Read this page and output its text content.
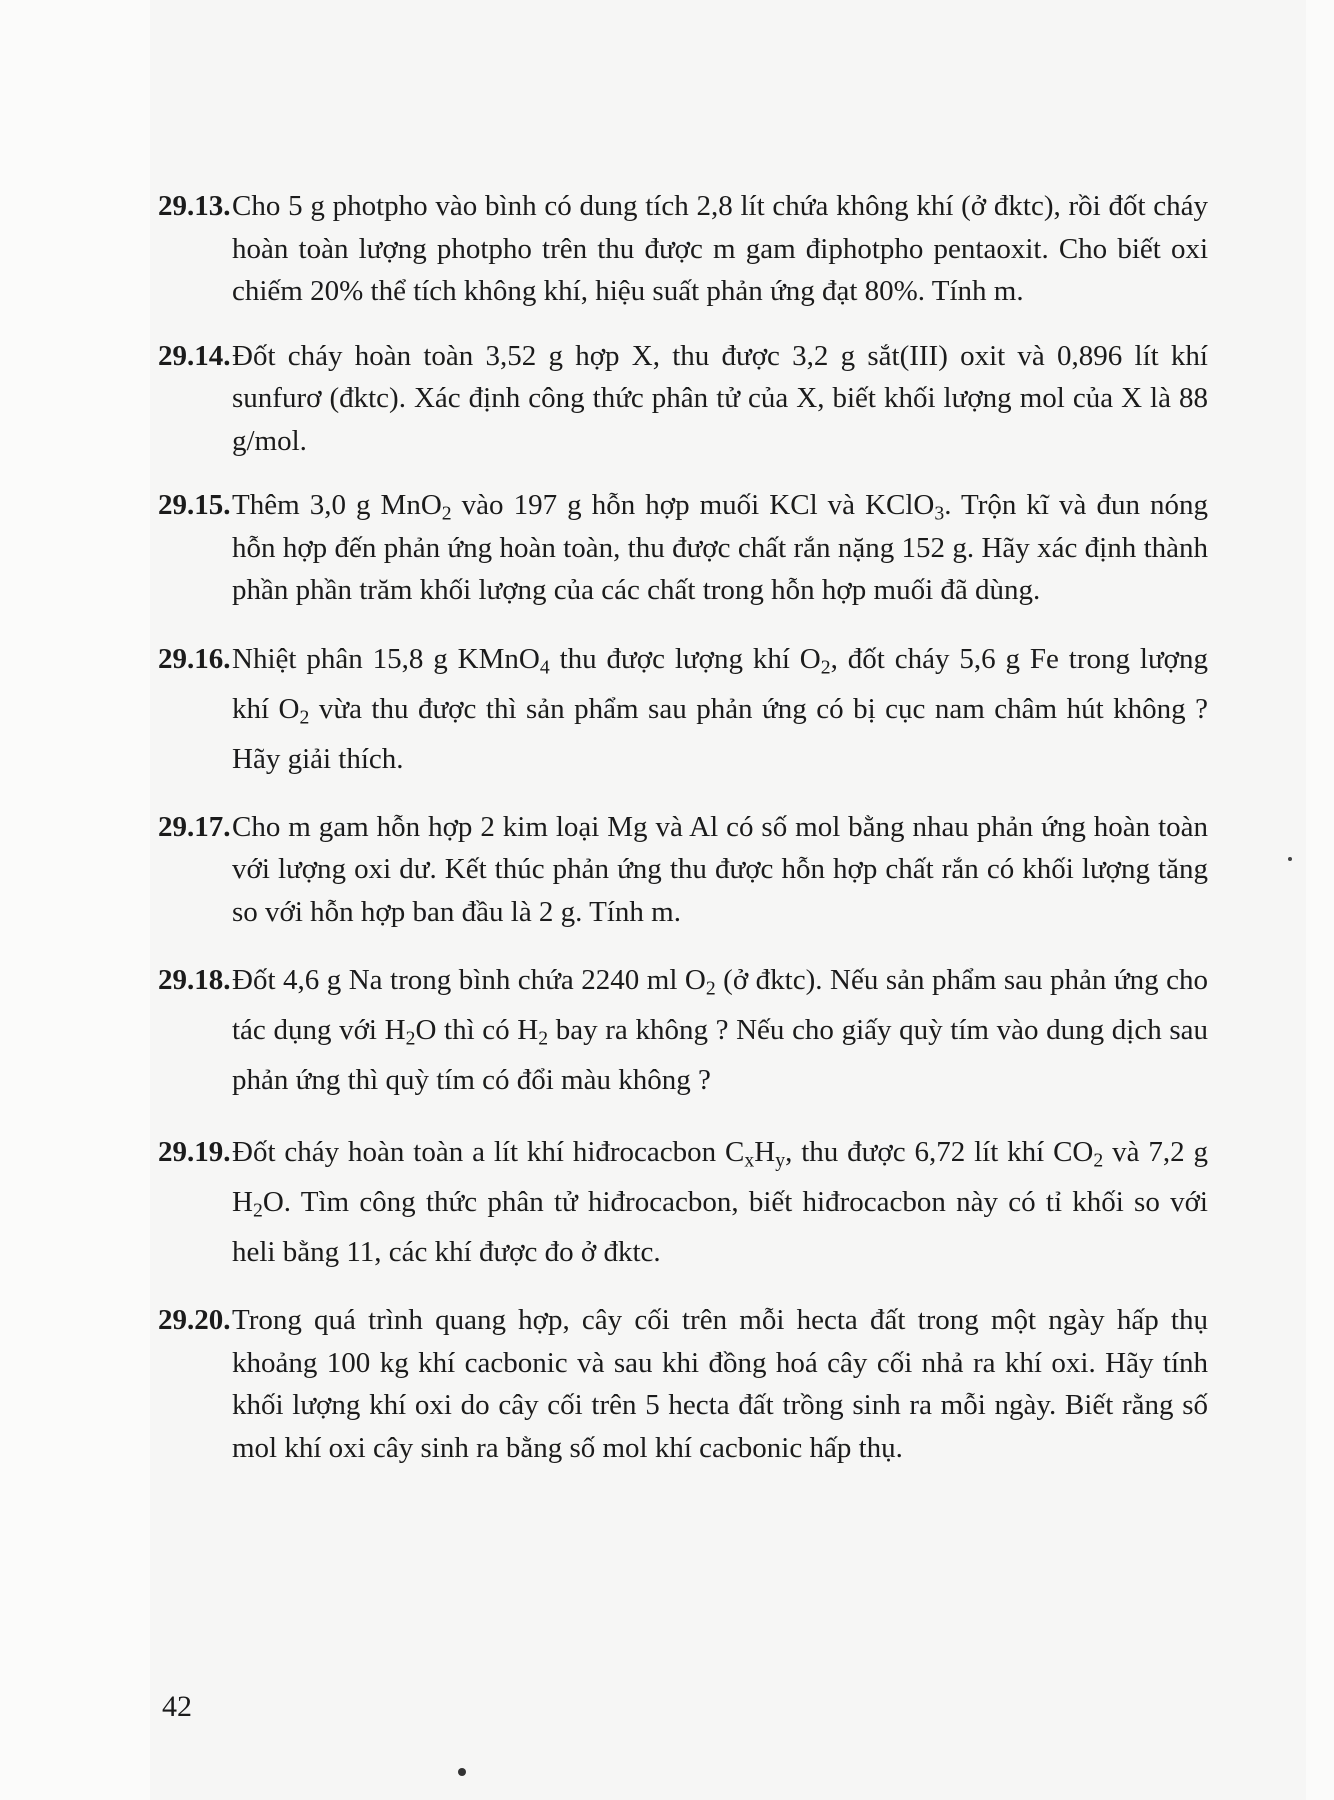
29.13. Cho 5 g photpho vào bình có dung tích 2,8 lít chứa không khí (ở đktc), rồi đốt cháy hoàn toàn lượng photpho trên thu được m gam điphotpho pentaoxit. Cho biết oxi chiếm 20% thể tích không khí, hiệu suất phản ứng đạt 80%. Tính m.
29.14. Đốt cháy hoàn toàn 3,52 g hợp X, thu được 3,2 g sắt(III) oxit và 0,896 lít khí sunfurơ (đktc). Xác định công thức phân tử của X, biết khối lượng mol của X là 88 g/mol.
29.15. Thêm 3,0 g MnO$_2$ vào 197 g hỗn hợp muối KCl và KClO$_3$. Trộn kĩ và đun nóng hỗn hợp đến phản ứng hoàn toàn, thu được chất rắn nặng 152 g. Hãy xác định thành phần phần trăm khối lượng của các chất trong hỗn hợp muối đã dùng.
29.16. Nhiệt phân 15,8 g KMnO$_4$ thu được lượng khí $O_2$, đốt cháy 5,6 g Fe trong lượng khí $O_2$ vừa thu được thì sản phẩm sau phản ứng có bị cục nam châm hút không ? Hãy giải thích.
29.17. Cho m gam hỗn hợp 2 kim loại Mg và Al có số mol bằng nhau phản ứng hoàn toàn với lượng oxi dư. Kết thúc phản ứng thu được hỗn hợp chất rắn có khối lượng tăng so với hỗn hợp ban đầu là 2 g. Tính m.
29.18. Đốt 4,6 g Na trong bình chứa 2240 ml $O_2$ (ở đktc). Nếu sản phẩm sau phản ứng cho tác dụng với $H_2O$ thì có $H_2$ bay ra không ? Nếu cho giấy quỳ tím vào dung dịch sau phản ứng thì quỳ tím có đổi màu không ?
29.19. Đốt cháy hoàn toàn a lít khí hiđrocacbon $C_xH_y$, thu được 6,72 lít khí $CO_2$ và 7,2 g $H_2O$. Tìm công thức phân tử hiđrocacbon, biết hiđrocacbon này có tỉ khối so với heli bằng 11, các khí được đo ở đktc.
29.20. Trong quá trình quang hợp, cây cối trên mỗi hecta đất trong một ngày hấp thụ khoảng 100 kg khí cacbonic và sau khi đồng hoá cây cối nhả ra khí oxi. Hãy tính khối lượng khí oxi do cây cối trên 5 hecta đất trồng sinh ra mỗi ngày. Biết rằng số mol khí oxi cây sinh ra bằng số mol khí cacbonic hấp thụ.
42
